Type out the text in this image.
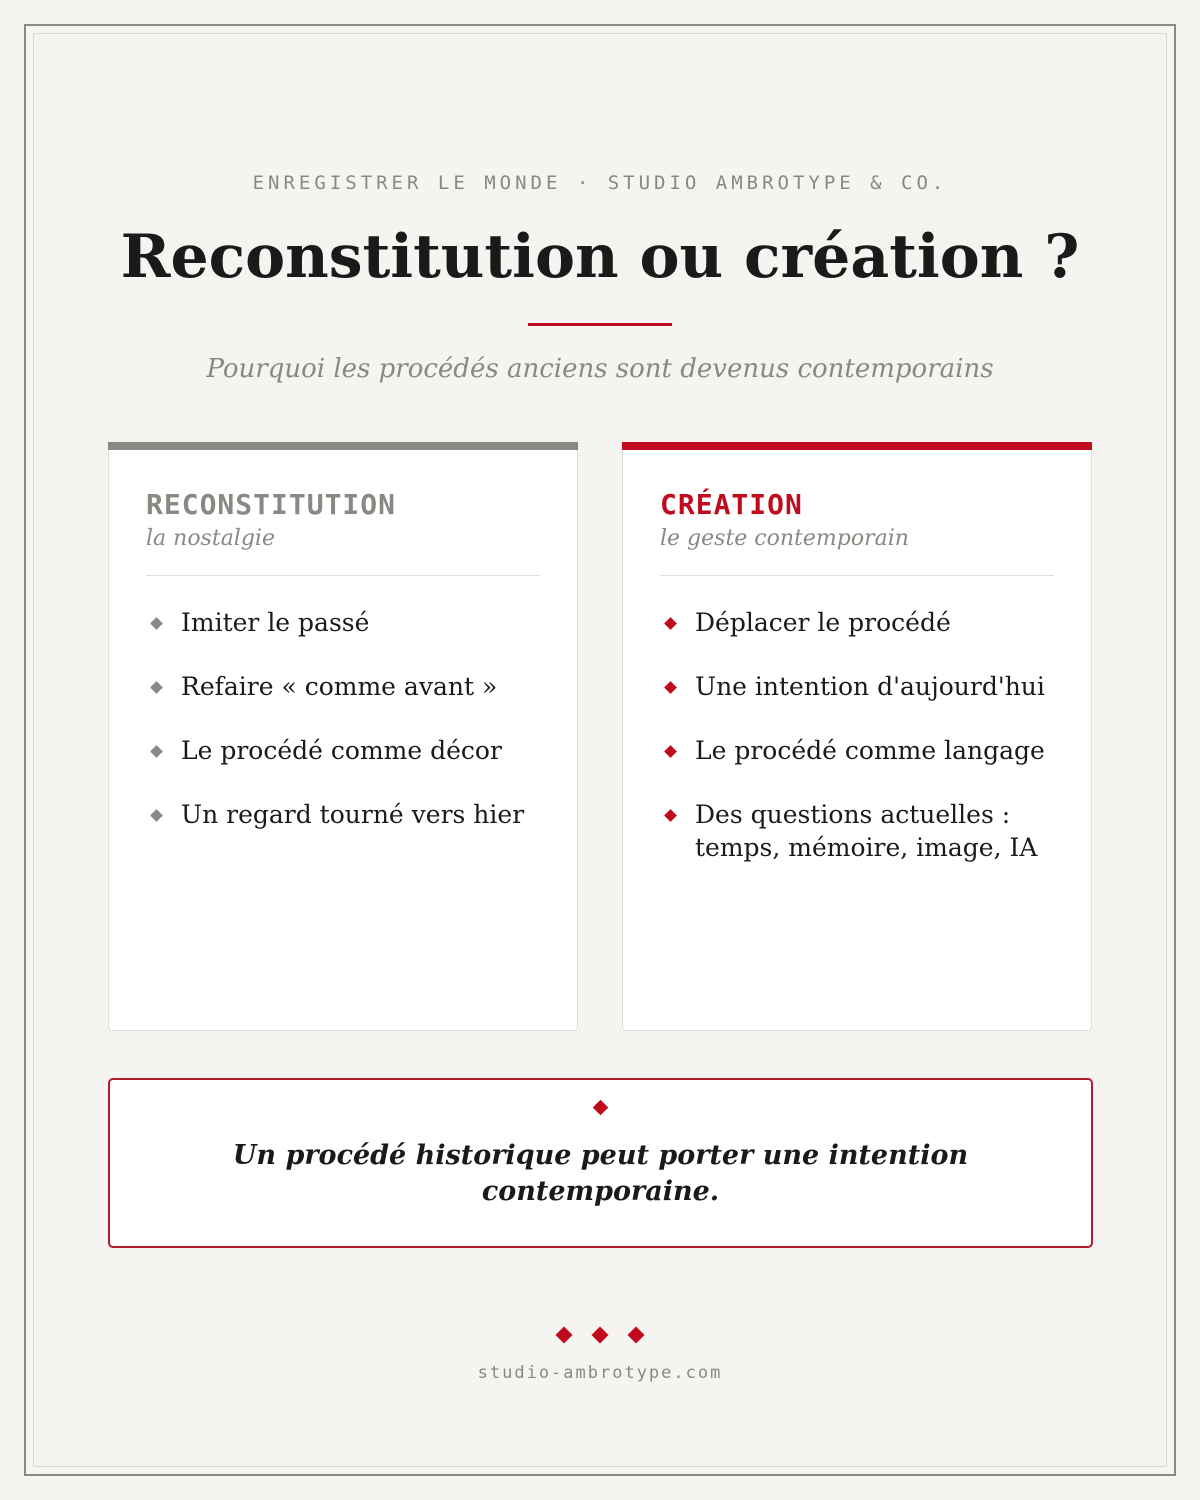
ENREGISTRER LE MONDE · STUDIO AMBROTYPE & CO.
Reconstitution ou création ?
Pourquoi les procédés anciens sont devenus contemporains
RECONSTITUTION
la nostalgie
Imiter le passé
Refaire « comme avant »
Le procédé comme décor
Un regard tourné vers hier
CRÉATION
le geste contemporain
Déplacer le procédé
Une intention d'aujourd'hui
Le procédé comme langage
Des questions actuelles : temps, mémoire, image, IA
Un procédé historique peut porter une intention contemporaine.
studio-ambrotype.com
